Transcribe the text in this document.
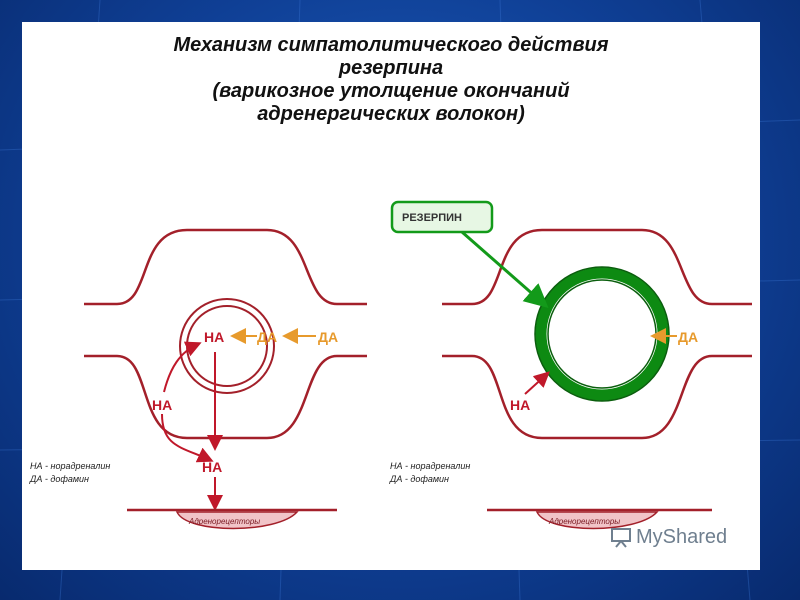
Механизм симпатолитического действия
резерпина
(варикозное утолщение окончаний
адренергических волокон)
НА ДА	ДА
НА
НА
НА - норадреналин
ДА - дофамин
Адренорецепторы
РЕЗЕРПИН
ДА
НА
НА - норадреналин
ДА - дофамин
Адренорецепторы
MyShared
